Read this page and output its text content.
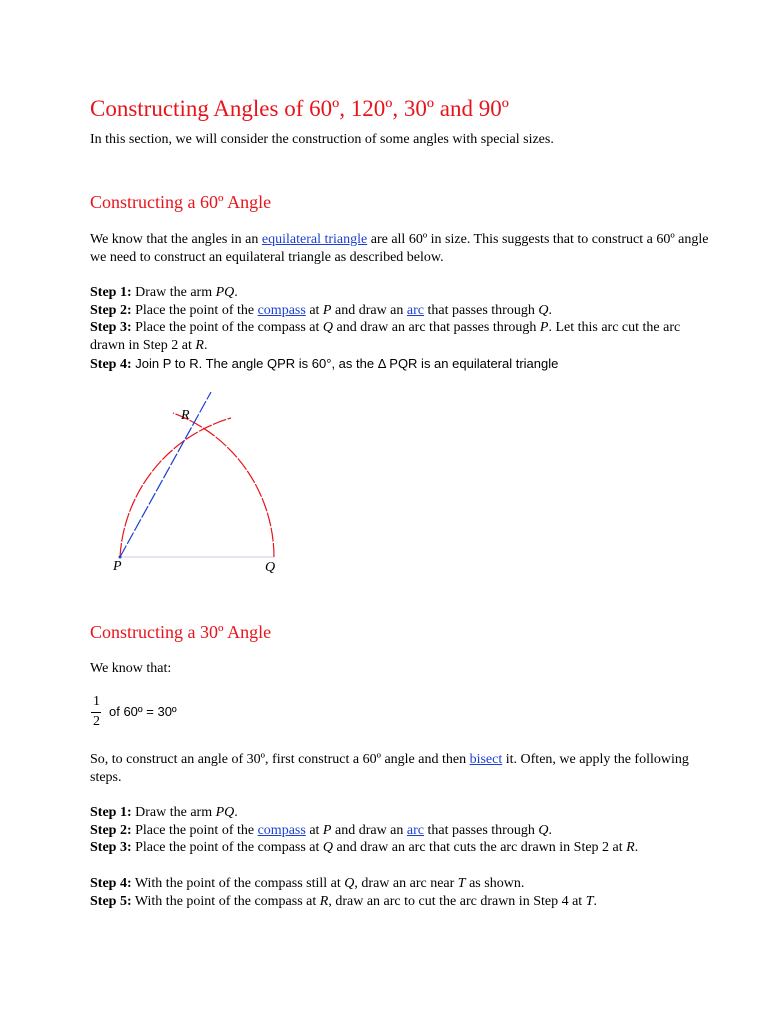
Constructing Angles of 60º, 120º, 30º and 90º

In this section, we will consider the construction of some angles with special sizes.

Constructing a 60º Angle

We know that the angles in an equilateral triangle are all 60º in size. This suggests that to construct a 60º angle we need to construct an equilateral triangle as described below.

Step 1: Draw the arm PQ.

Step 2: Place the point of the compass at P and draw an arc that passes through Q.

Step 3: Place the point of the compass at Q and draw an arc that passes through P. Let this arc cut the arc drawn in Step 2 at R.

Step 4: Join P to R. The angle QPR is 60°, as the Δ PQR is an equilateral triangle

R
P	Q
Constructing a 30º Angle

We know that:

1
2
of 60º = 30º

So, to construct an angle of 30º, first construct a 60º angle and then bisect it. Often, we apply the following steps.

Step 1: Draw the arm PQ.

Step 2: Place the point of the compass at P and draw an arc that passes through Q.

Step 3: Place the point of the compass at Q and draw an arc that cuts the arc drawn in Step 2 at R.

Step 4: With the point of the compass still at Q, draw an arc near T as shown.

Step 5: With the point of the compass at R, draw an arc to cut the arc drawn in Step 4 at T.
